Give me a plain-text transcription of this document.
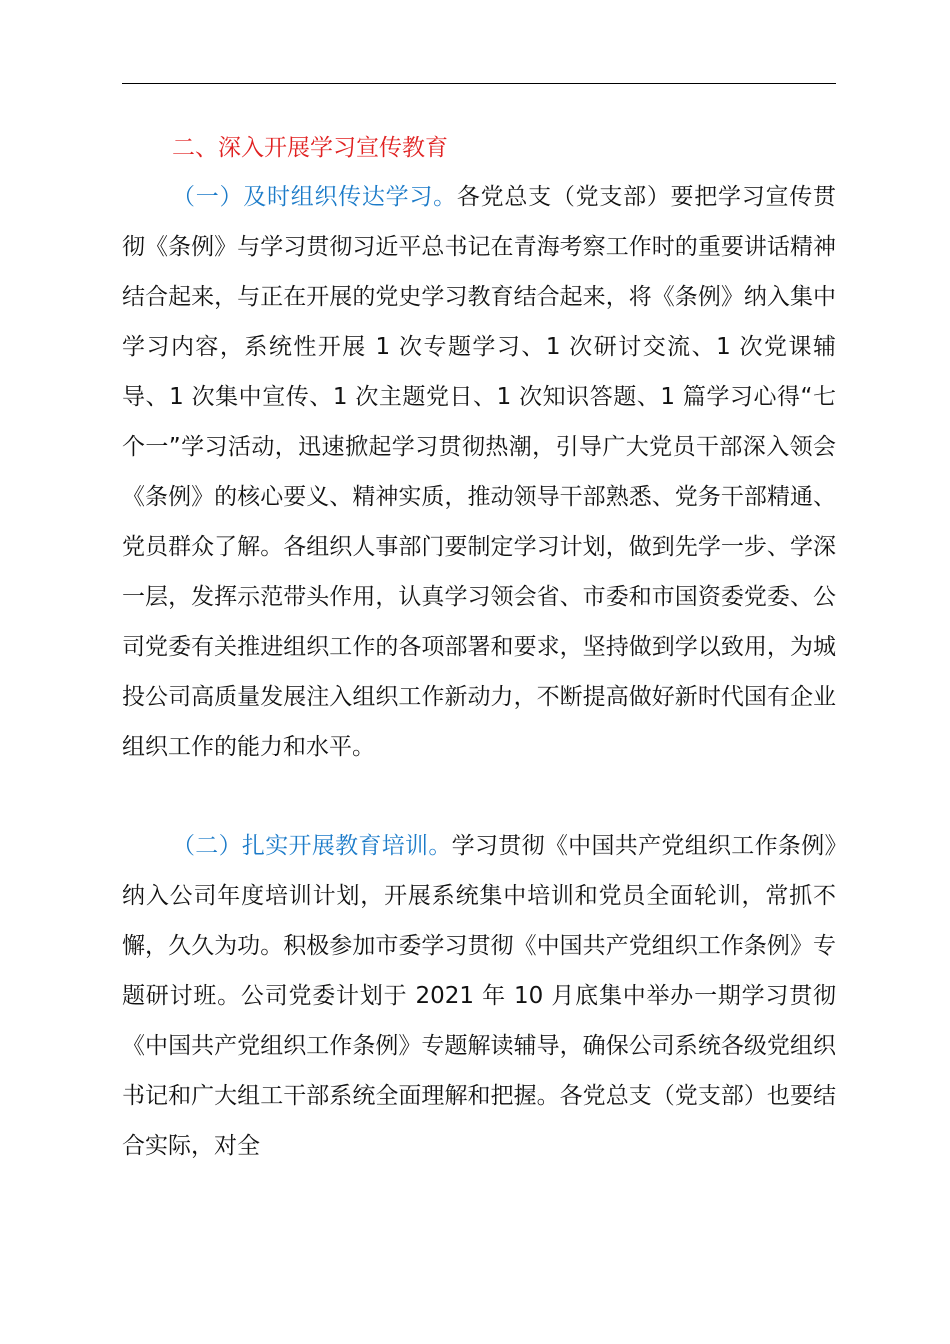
二、深入开展学习宣传教育

（一）及时组织传达学习。各党总支（党支部）要把学习宣传贯彻《条例》与学习贯彻习近平总书记在青海考察工作时的重要讲话精神结合起来，与正在开展的党史学习教育结合起来，将《条例》纳入集中学习内容，系统性开展 1 次专题学习、1 次研讨交流、1 次党课辅导、1 次集中宣传、1 次主题党日、1 次知识答题、1 篇学习心得“七个一”学习活动，迅速掀起学习贯彻热潮，引导广大党员干部深入领会《条例》的核心要义、精神实质，推动领导干部熟悉、党务干部精通、党员群众了解。各组织人事部门要制定学习计划，做到先学一步、学深一层，发挥示范带头作用，认真学习领会省、市委和市国资委党委、公司党委有关推进组织工作的各项部署和要求，坚持做到学以致用，为城投公司高质量发展注入组织工作新动力，不断提高做好新时代国有企业组织工作的能力和水平。

（二）扎实开展教育培训。学习贯彻《中国共产党组织工作条例》纳入公司年度培训计划，开展系统集中培训和党员全面轮训，常抓不懈，久久为功。积极参加市委学习贯彻《中国共产党组织工作条例》专题研讨班。公司党委计划于 2021 年 10 月底集中举办一期学习贯彻《中国共产党组织工作条例》专题解读辅导，确保公司系统各级党组织书记和广大组工干部系统全面理解和把握。各党总支（党支部）也要结合实际，对全
